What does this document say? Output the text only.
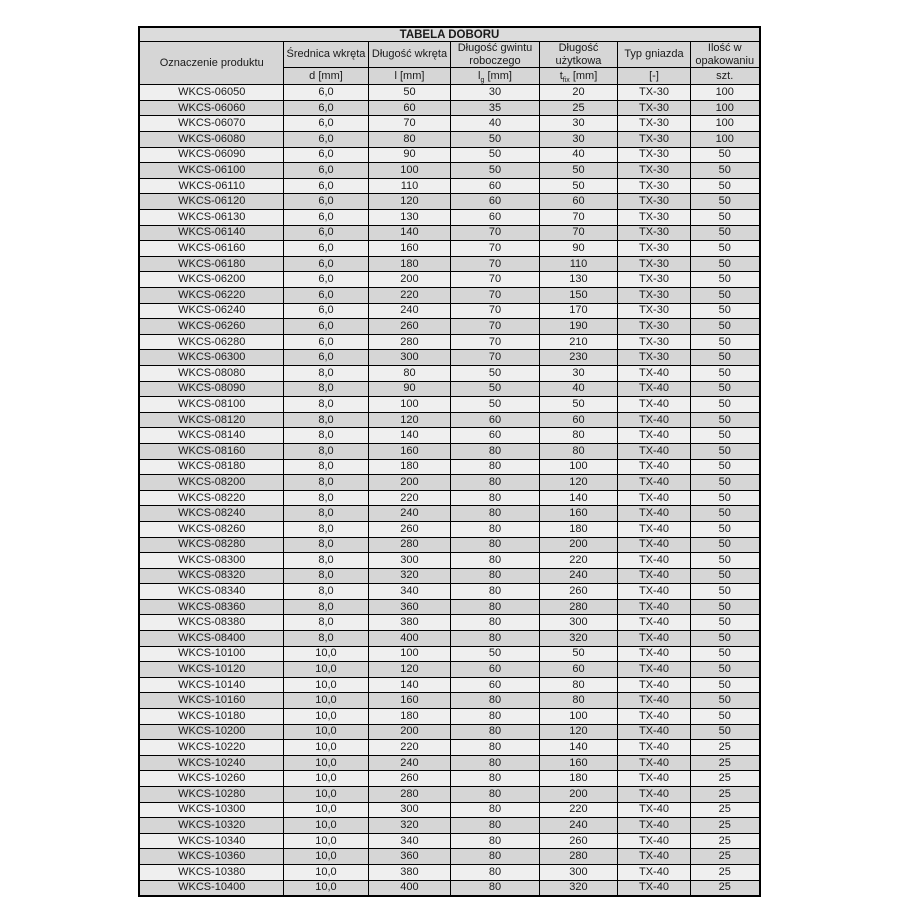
TABELA DOBORU						
Oznaczenie produktu	Średnica wkręta	Długość wkręta	Długość gwintu roboczego	Długość użytkowa	Typ gniazda	Ilość w opakowaniu
	d [mm]	l [mm]	$l_g$ [mm]	$t_{fix}$ [mm]	[-]	szt.
WKCS-06050	6,0	50	30	20	TX-30	100
WKCS-06060	6,0	60	35	25	TX-30	100
WKCS-06070	6,0	70	40	30	TX-30	100
WKCS-06080	6,0	80	50	30	TX-30	100
WKCS-06090	6,0	90	50	40	TX-30	50
WKCS-06100	6,0	100	50	50	TX-30	50
WKCS-06110	6,0	110	60	50	TX-30	50
WKCS-06120	6,0	120	60	60	TX-30	50
WKCS-06130	6,0	130	60	70	TX-30	50
WKCS-06140	6,0	140	70	70	TX-30	50
WKCS-06160	6,0	160	70	90	TX-30	50
WKCS-06180	6,0	180	70	110	TX-30	50
WKCS-06200	6,0	200	70	130	TX-30	50
WKCS-06220	6,0	220	70	150	TX-30	50
WKCS-06240	6,0	240	70	170	TX-30	50
WKCS-06260	6,0	260	70	190	TX-30	50
WKCS-06280	6,0	280	70	210	TX-30	50
WKCS-06300	6,0	300	70	230	TX-30	50
WKCS-08080	8,0	80	50	30	TX-40	50
WKCS-08090	8,0	90	50	40	TX-40	50
WKCS-08100	8,0	100	50	50	TX-40	50
WKCS-08120	8,0	120	60	60	TX-40	50
WKCS-08140	8,0	140	60	80	TX-40	50
WKCS-08160	8,0	160	80	80	TX-40	50
WKCS-08180	8,0	180	80	100	TX-40	50
WKCS-08200	8,0	200	80	120	TX-40	50
WKCS-08220	8,0	220	80	140	TX-40	50
WKCS-08240	8,0	240	80	160	TX-40	50
WKCS-08260	8,0	260	80	180	TX-40	50
WKCS-08280	8,0	280	80	200	TX-40	50
WKCS-08300	8,0	300	80	220	TX-40	50
WKCS-08320	8,0	320	80	240	TX-40	50
WKCS-08340	8,0	340	80	260	TX-40	50
WKCS-08360	8,0	360	80	280	TX-40	50
WKCS-08380	8,0	380	80	300	TX-40	50
WKCS-08400	8,0	400	80	320	TX-40	50
WKCS-10100	10,0	100	50	50	TX-40	50
WKCS-10120	10,0	120	60	60	TX-40	50
WKCS-10140	10,0	140	60	80	TX-40	50
WKCS-10160	10,0	160	80	80	TX-40	50
WKCS-10180	10,0	180	80	100	TX-40	50
WKCS-10200	10,0	200	80	120	TX-40	50
WKCS-10220	10,0	220	80	140	TX-40	25
WKCS-10240	10,0	240	80	160	TX-40	25
WKCS-10260	10,0	260	80	180	TX-40	25
WKCS-10280	10,0	280	80	200	TX-40	25
WKCS-10300	10,0	300	80	220	TX-40	25
WKCS-10320	10,0	320	80	240	TX-40	25
WKCS-10340	10,0	340	80	260	TX-40	25
WKCS-10360	10,0	360	80	280	TX-40	25
WKCS-10380	10,0	380	80	300	TX-40	25
WKCS-10400	10,0	400	80	320	TX-40	25
